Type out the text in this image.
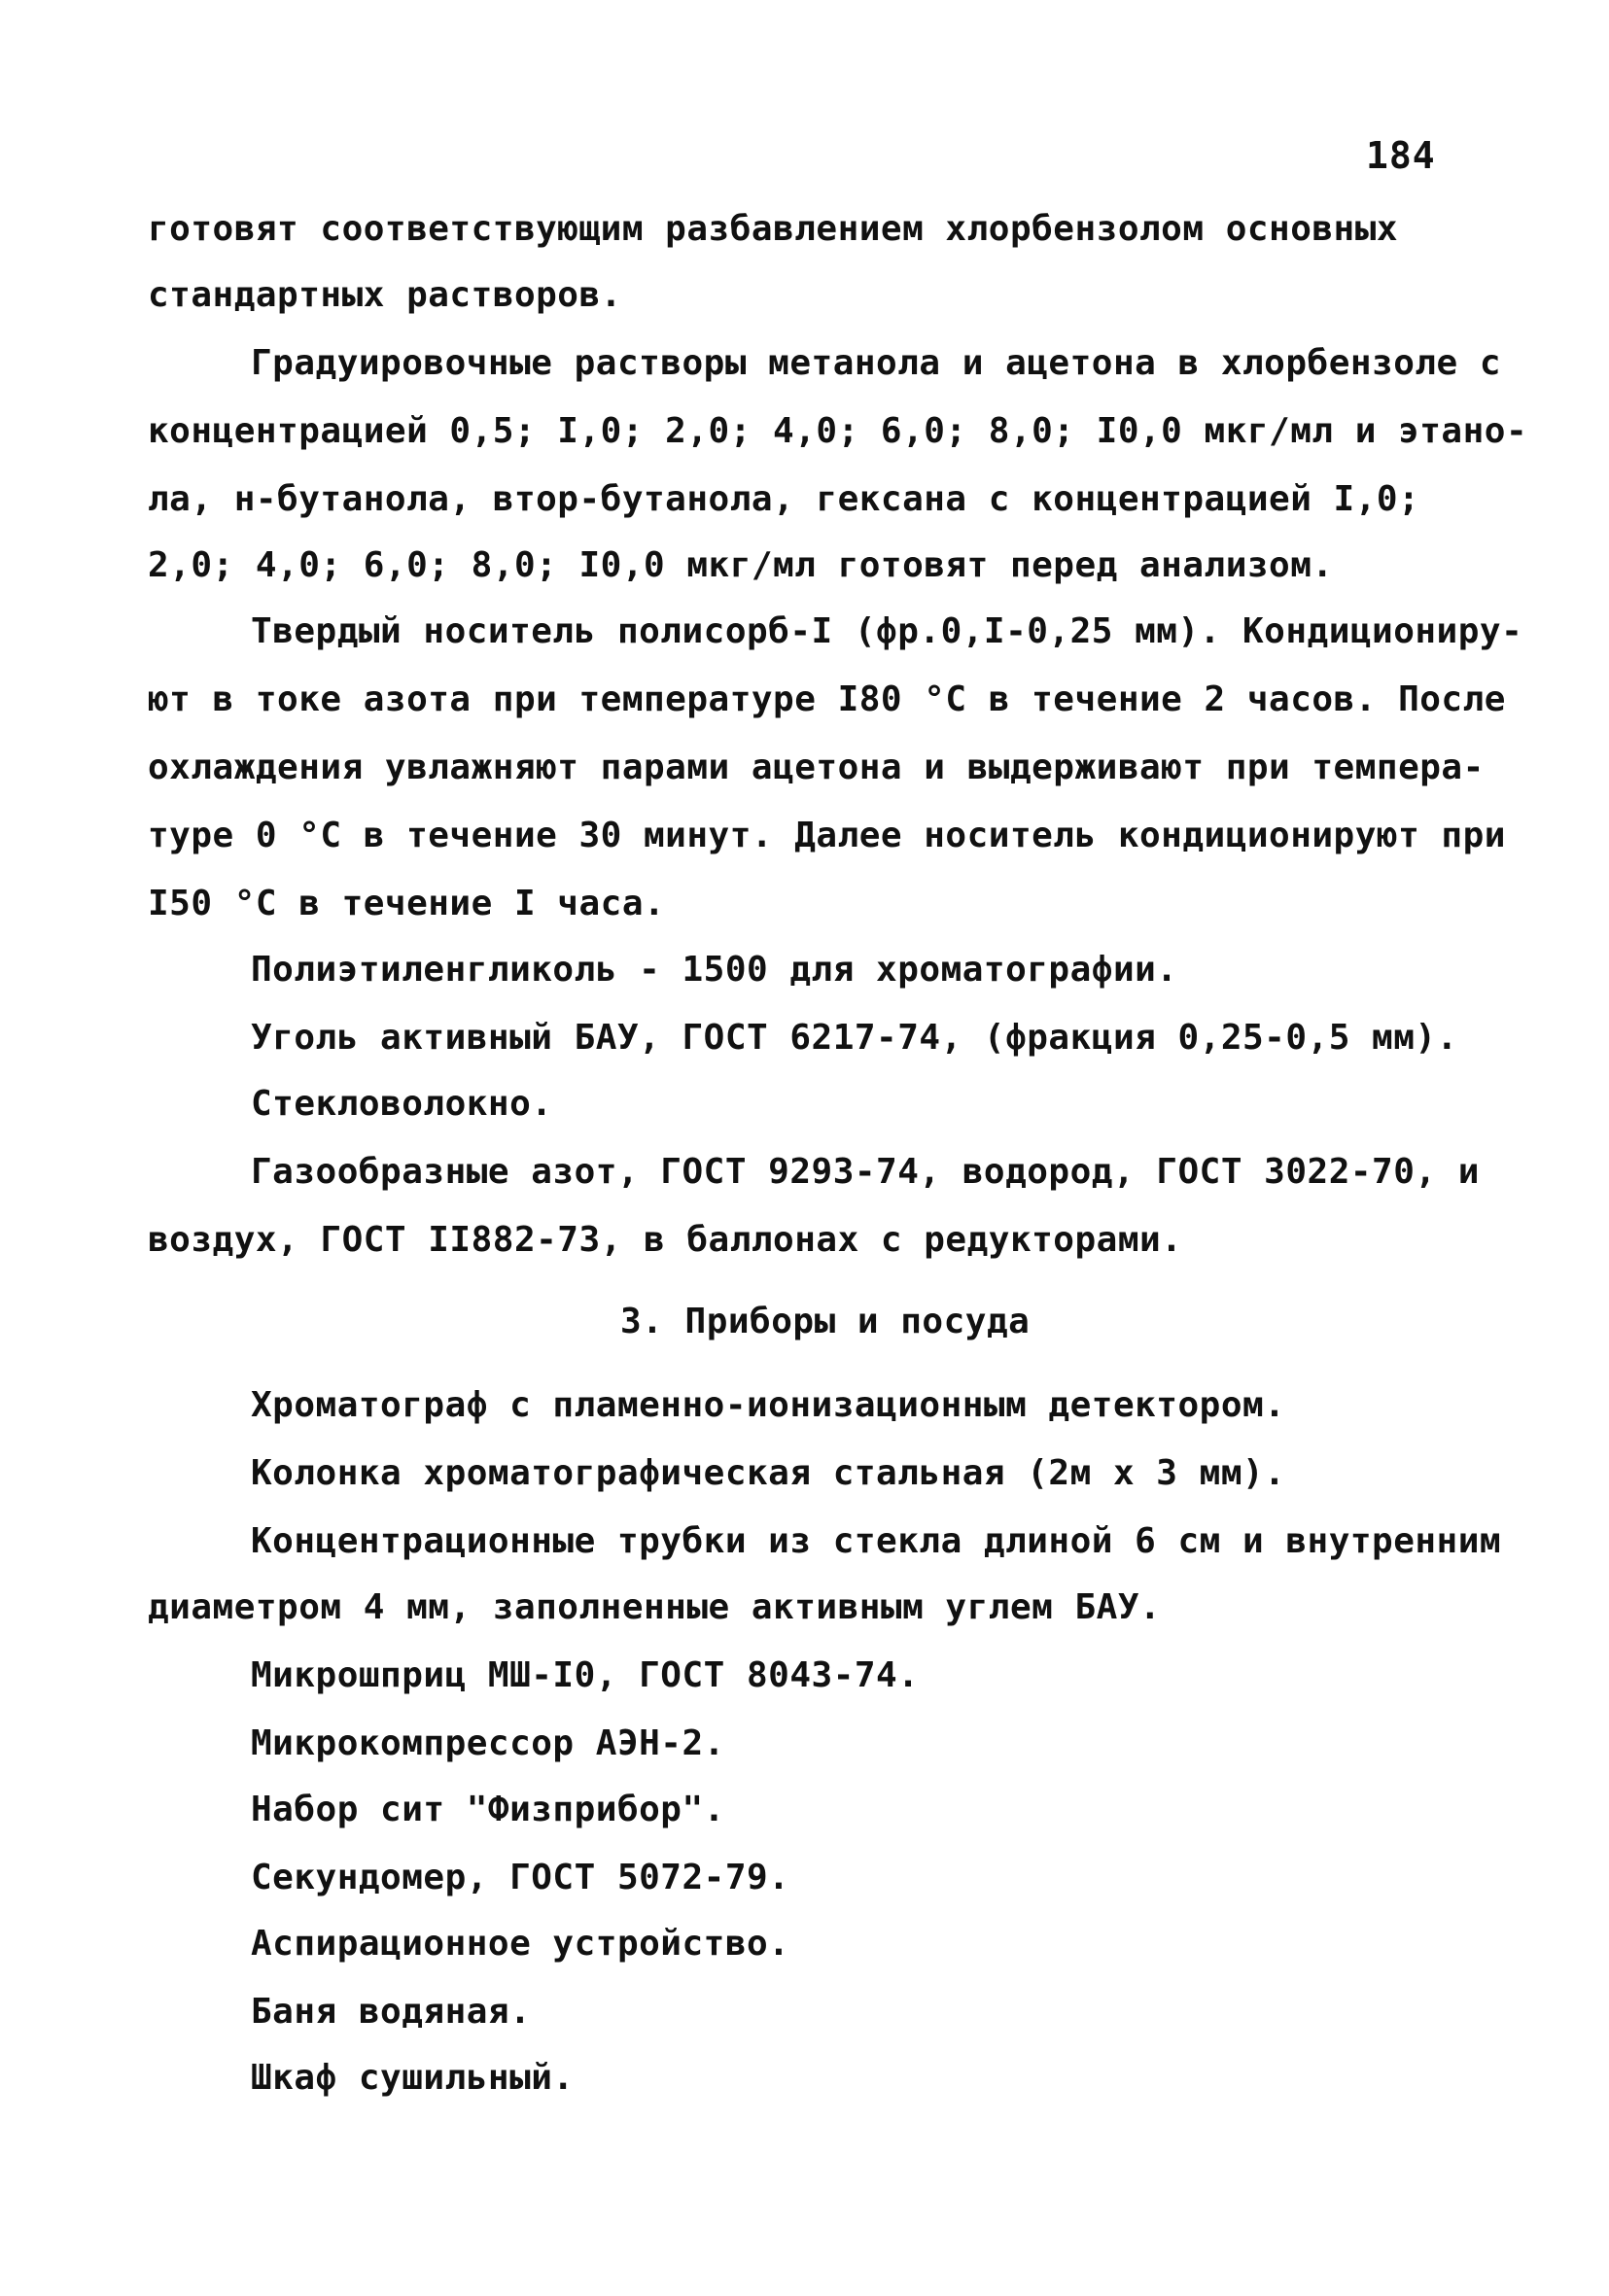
184
готовят соответствующим разбавлением хлорбензолом основных
стандартных растворов.
Градуировочные растворы метанола и ацетона в хлорбензоле с
концентрацией 0,5; I,0; 2,0; 4,0; 6,0; 8,0; I0,0 мкг/мл и этано-
ла, н-бутанола, втор-бутанола, гексана с концентрацией I,0;
2,0; 4,0; 6,0; 8,0; I0,0 мкг/мл готовят перед анализом.
Твердый носитель полисорб-I (фр.0,I-0,25 мм). Кондициониру-
ют в токе азота при температуре I80 °С в течение 2 часов. После
охлаждения увлажняют парами ацетона и выдерживают при темпера-
туре 0 °С в течение 30 минут. Далее носитель кондиционируют при
I50 °С в течение I часа.
Полиэтиленгликоль - 1500 для хроматографии.
Уголь активный БАУ, ГОСТ 6217-74, (фракция 0,25-0,5 мм).
Стекловолокно.
Газообразные азот, ГОСТ 9293-74, водород, ГОСТ 3022-70, и
воздух, ГОСТ II882-73, в баллонах с редукторами.
3. Приборы и посуда
Хроматограф с пламенно-ионизационным детектором.
Колонка хроматографическая стальная (2м х 3 мм).
Концентрационные трубки из стекла длиной 6 см и внутренним
диаметром 4 мм, заполненные активным углем БАУ.
Микрошприц МШ-I0, ГОСТ 8043-74.
Микрокомпрессор АЭН-2.
Набор сит "Физприбор".
Секундомер, ГОСТ 5072-79.
Аспирационное устройство.
Баня водяная.
Шкаф сушильный.
